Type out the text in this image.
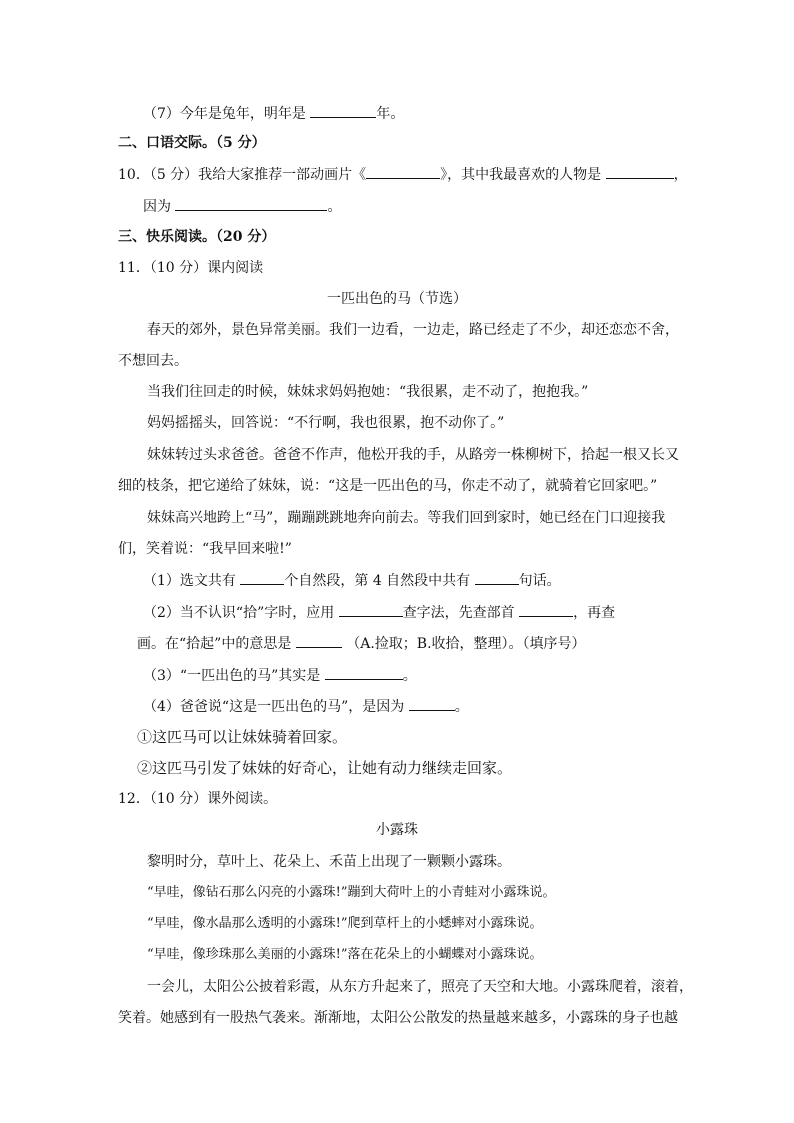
（7）今年是兔年，明年是	年。
二、口语交际。（5 分）
10．（5 分）我给大家推荐一部动画片《	》，其中我最喜欢的人物是	，
因为	。
三、快乐阅读。（20 分）
11．（10 分）课内阅读
一匹出色的马（节选）
春天的郊外，景色异常美丽。我们一边看，一边走，路已经走了不少，却还恋恋不舍，
不想回去。
当我们往回走的时候，妹妹求妈妈抱她：“我很累，走不动了，抱抱我。”
妈妈摇摇头，回答说：“不行啊，我也很累，抱不动你了。”
妹妹转过头求爸爸。爸爸不作声，他松开我的手，从路旁一株柳树下，拾起一根又长又
细的枝条，把它递给了妹妹，说：“这是一匹出色的马，你走不动了，就骑着它回家吧。”
妹妹高兴地跨上“马”，蹦蹦跳跳地奔向前去。等我们回到家时，她已经在门口迎接我
们，笑着说：“我早回来啦!”
（1）选文共有	个自然段，第 4 自然段中共有	句话。
（2）当不认识“拾”字时，应用	查字法，先查部首	，再查
画。在“拾起”中的意思是	（A.捡取；B.收拾，整理）。（填序号）
（3）“一匹出色的马”其实是	。
（4）爸爸说“这是一匹出色的马”，是因为	。
①这匹马可以让妹妹骑着回家。
②这匹马引发了妹妹的好奇心，让她有动力继续走回家。
12．（10 分）课外阅读。
小露珠
黎明时分，草叶上、花朵上、禾苗上出现了一颗颗小露珠。
“早哇，像钻石那么闪亮的小露珠!”蹦到大荷叶上的小青蛙对小露珠说。
“早哇，像水晶那么透明的小露珠!”爬到草杆上的小蟋蟀对小露珠说。
“早哇，像珍珠那么美丽的小露珠!”落在花朵上的小蝴蝶对小露珠说。
一会儿，太阳公公披着彩霞，从东方升起来了，照亮了天空和大地。小露珠爬着，滚着，
笑着。她感到有一股热气袭来。渐渐地，太阳公公散发的热量越来越多，小露珠的身子也越
